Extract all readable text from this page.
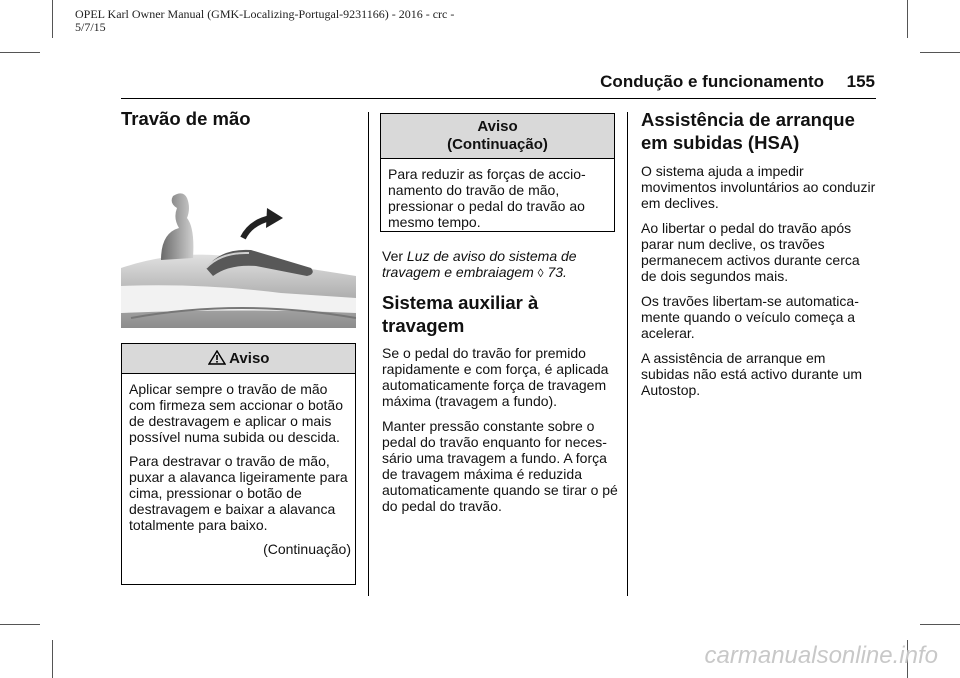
OPEL Karl Owner Manual (GMK-Localizing-Portugal-9231166) - 2016 - crc -
5/7/15
Condução e funcionamento 155
Travão de mão
Aviso

Aplicar sempre o travão de mão com firmeza sem accionar o botão de destravagem e aplicar o mais possível numa subida ou descida.

Para destravar o travão de mão, puxar a alavanca ligeiramente para cima, pressionar o botão de destravagem e baixar a alavanca totalmente para baixo.

(Continuação)
Aviso
(Continuação)

Para reduzir as forças de accio-namento do travão de mão, pressionar o pedal do travão ao mesmo tempo.

Ver Luz de aviso do sistema de travagem e embraiagem ◊ 73.

Sistema auxiliar à travagem

Se o pedal do travão for premido rapidamente e com força, é aplicada automaticamente força de travagem máxima (travagem a fundo).

Manter pressão constante sobre o pedal do travão enquanto for neces-sário uma travagem a fundo. A força de travagem máxima é reduzida automaticamente quando se tirar o pé do pedal do travão.

Assistência de arranque em subidas (HSA)

O sistema ajuda a impedir movimentos involuntários ao conduzir em declives.

Ao libertar o pedal do travão após parar num declive, os travões permanecem activos durante cerca de dois segundos mais.

Os travões libertam-se automatica-mente quando o veículo começa a acelerar.

A assistência de arranque em subidas não está activo durante um Autostop.

carmanualsonline.info
